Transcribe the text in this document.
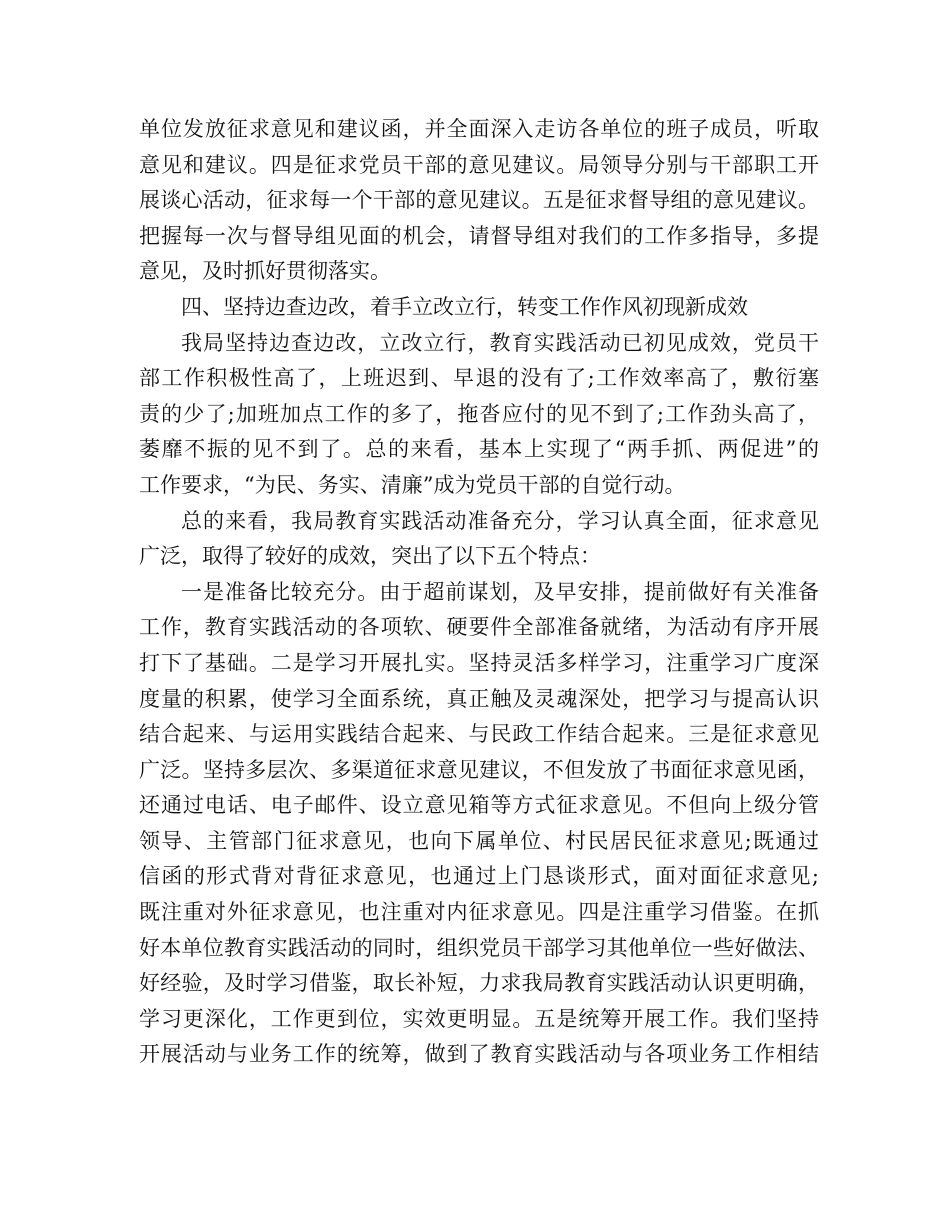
单位发放征求意见和建议函，并全面深入走访各单位的班子成员，听取
意见和建议。四是征求党员干部的意见建议。局领导分别与干部职工开
展谈心活动，征求每一个干部的意见建议。五是征求督导组的意见建议。
把握每一次与督导组见面的机会，请督导组对我们的工作多指导，多提
意见，及时抓好贯彻落实。
四、坚持边查边改，着手立改立行，转变工作作风初现新成效
我局坚持边查边改，立改立行，教育实践活动已初见成效，党员干
部工作积极性高了，上班迟到、早退的没有了;工作效率高了，敷衍塞
责的少了;加班加点工作的多了，拖沓应付的见不到了;工作劲头高了，
萎靡不振的见不到了。总的来看，基本上实现了“两手抓、两促进”的
工作要求，“为民、务实、清廉”成为党员干部的自觉行动。
总的来看，我局教育实践活动准备充分，学习认真全面，征求意见
广泛，取得了较好的成效，突出了以下五个特点：
一是准备比较充分。由于超前谋划，及早安排，提前做好有关准备
工作，教育实践活动的各项软、硬要件全部准备就绪，为活动有序开展
打下了基础。二是学习开展扎实。坚持灵活多样学习，注重学习广度深
度量的积累，使学习全面系统，真正触及灵魂深处，把学习与提高认识
结合起来、与运用实践结合起来、与民政工作结合起来。三是征求意见
广泛。坚持多层次、多渠道征求意见建议，不但发放了书面征求意见函，
还通过电话、电子邮件、设立意见箱等方式征求意见。不但向上级分管
领导、主管部门征求意见，也向下属单位、村民居民征求意见;既通过
信函的形式背对背征求意见，也通过上门恳谈形式，面对面征求意见;
既注重对外征求意见，也注重对内征求意见。四是注重学习借鉴。在抓
好本单位教育实践活动的同时，组织党员干部学习其他单位一些好做法、
好经验，及时学习借鉴，取长补短，力求我局教育实践活动认识更明确，
学习更深化，工作更到位，实效更明显。五是统筹开展工作。我们坚持
开展活动与业务工作的统筹，做到了教育实践活动与各项业务工作相结
